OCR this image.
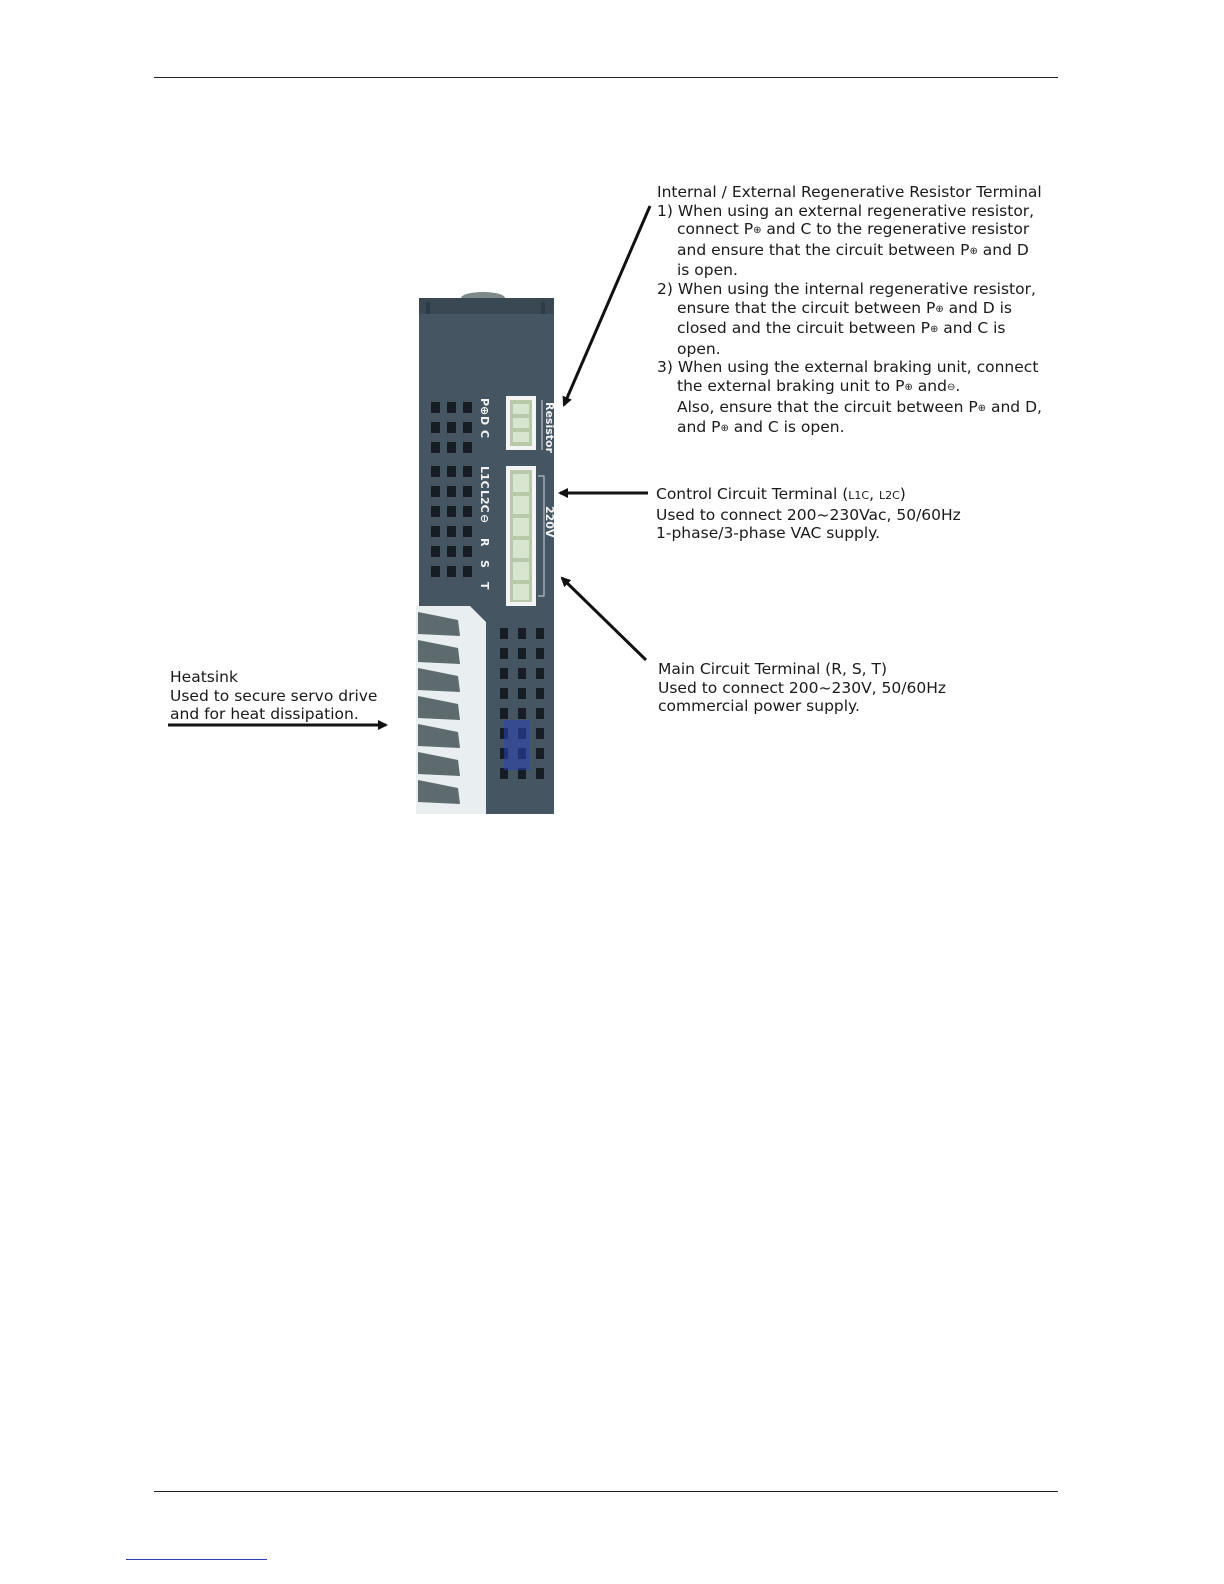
Resistor
220V
P⊕
D
C
L1C
L2C
⊖
R
S
T
Internal / External Regenerative Resistor Terminal
1) When using an external regenerative resistor,
connect P⊕ and C to the regenerative resistor
and ensure that the circuit between P⊕ and D
is open.
2) When using the internal regenerative resistor,
ensure that the circuit between P⊕ and D is
closed and the circuit between P⊕ and C is
open.
3) When using the external braking unit, connect
the external braking unit to P⊕ and⊖.
Also, ensure that the circuit between P⊕ and D,
and P⊕ and C is open.
Control Circuit Terminal (L1C, L2C)
Used to connect 200~230Vac, 50/60Hz
1-phase/3-phase VAC supply.
Main Circuit Terminal (R, S, T)
Used to connect 200~230V, 50/60Hz
commercial power supply.
Heatsink
Used to secure servo drive
and for heat dissipation.
